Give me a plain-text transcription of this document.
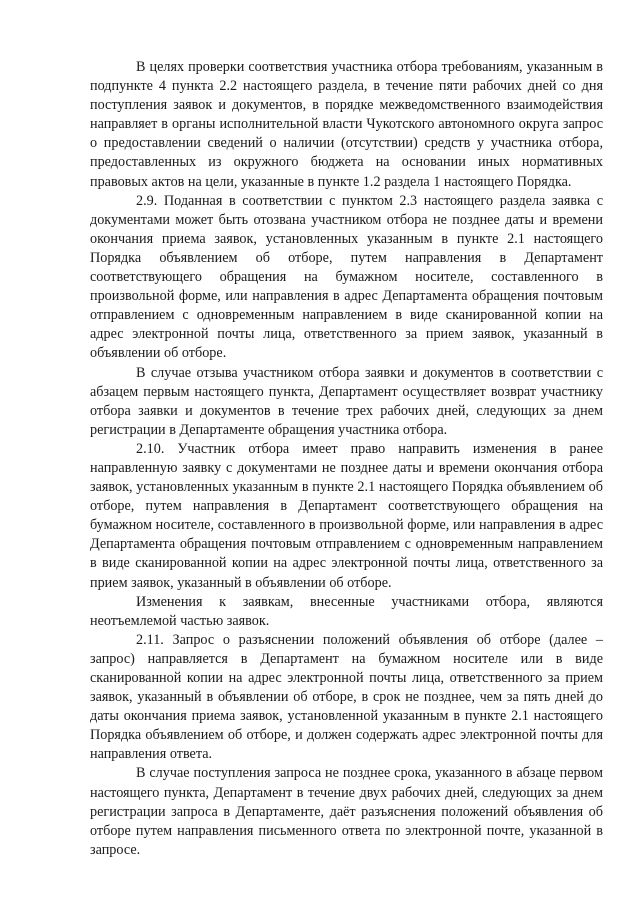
В целях проверки соответствия участника отбора требованиям, указанным в подпункте 4 пункта 2.2 настоящего раздела, в течение пяти рабочих дней со дня поступления заявок и документов, в порядке межведомственного взаимодействия направляет в органы исполнительной власти Чукотского автономного округа запрос о предоставлении сведений о наличии (отсутствии) средств у участника отбора, предоставленных из окружного бюджета на основании иных нормативных правовых актов на цели, указанные в пункте 1.2 раздела 1 настоящего Порядка.

2.9. Поданная в соответствии с пунктом 2.3 настоящего раздела заявка с документами может быть отозвана участником отбора не позднее даты и времени окончания приема заявок, установленных указанным в пункте 2.1 настоящего Порядка объявлением об отборе, путем направления в Департамент соответствующего обращения на бумажном носителе, составленного в произвольной форме, или направления в адрес Департамента обращения почтовым отправлением с одновременным направлением в виде сканированной копии на адрес электронной почты лица, ответственного за прием заявок, указанный в объявлении об отборе.

В случае отзыва участником отбора заявки и документов в соответствии с абзацем первым настоящего пункта, Департамент осуществляет возврат участнику отбора заявки и документов в течение трех рабочих дней, следующих за днем регистрации в Департаменте обращения участника отбора.

2.10. Участник отбора имеет право направить изменения в ранее направленную заявку с документами не позднее даты и времени окончания отбора заявок, установленных указанным в пункте 2.1 настоящего Порядка объявлением об отборе, путем направления в Департамент соответствующего обращения на бумажном носителе, составленного в произвольной форме, или направления в адрес Департамента обращения почтовым отправлением с одновременным направлением в виде сканированной копии на адрес электронной почты лица, ответственного за прием заявок, указанный в объявлении об отборе.

Изменения к заявкам, внесенные участниками отбора, являются неотъемлемой частью заявок.

2.11. Запрос о разъяснении положений объявления об отборе (далее – запрос) направляется в Департамент на бумажном носителе или в виде сканированной копии на адрес электронной почты лица, ответственного за прием заявок, указанный в объявлении об отборе, в срок не позднее, чем за пять дней до даты окончания приема заявок, установленной указанным в пункте 2.1 настоящего Порядка объявлением об отборе, и должен содержать адрес электронной почты для направления ответа.

В случае поступления запроса не позднее срока, указанного в абзаце первом настоящего пункта, Департамент в течение двух рабочих дней, следующих за днем регистрации запроса в Департаменте, даёт разъяснения положений объявления об отборе путем направления письменного ответа по электронной почте, указанной в запросе.
